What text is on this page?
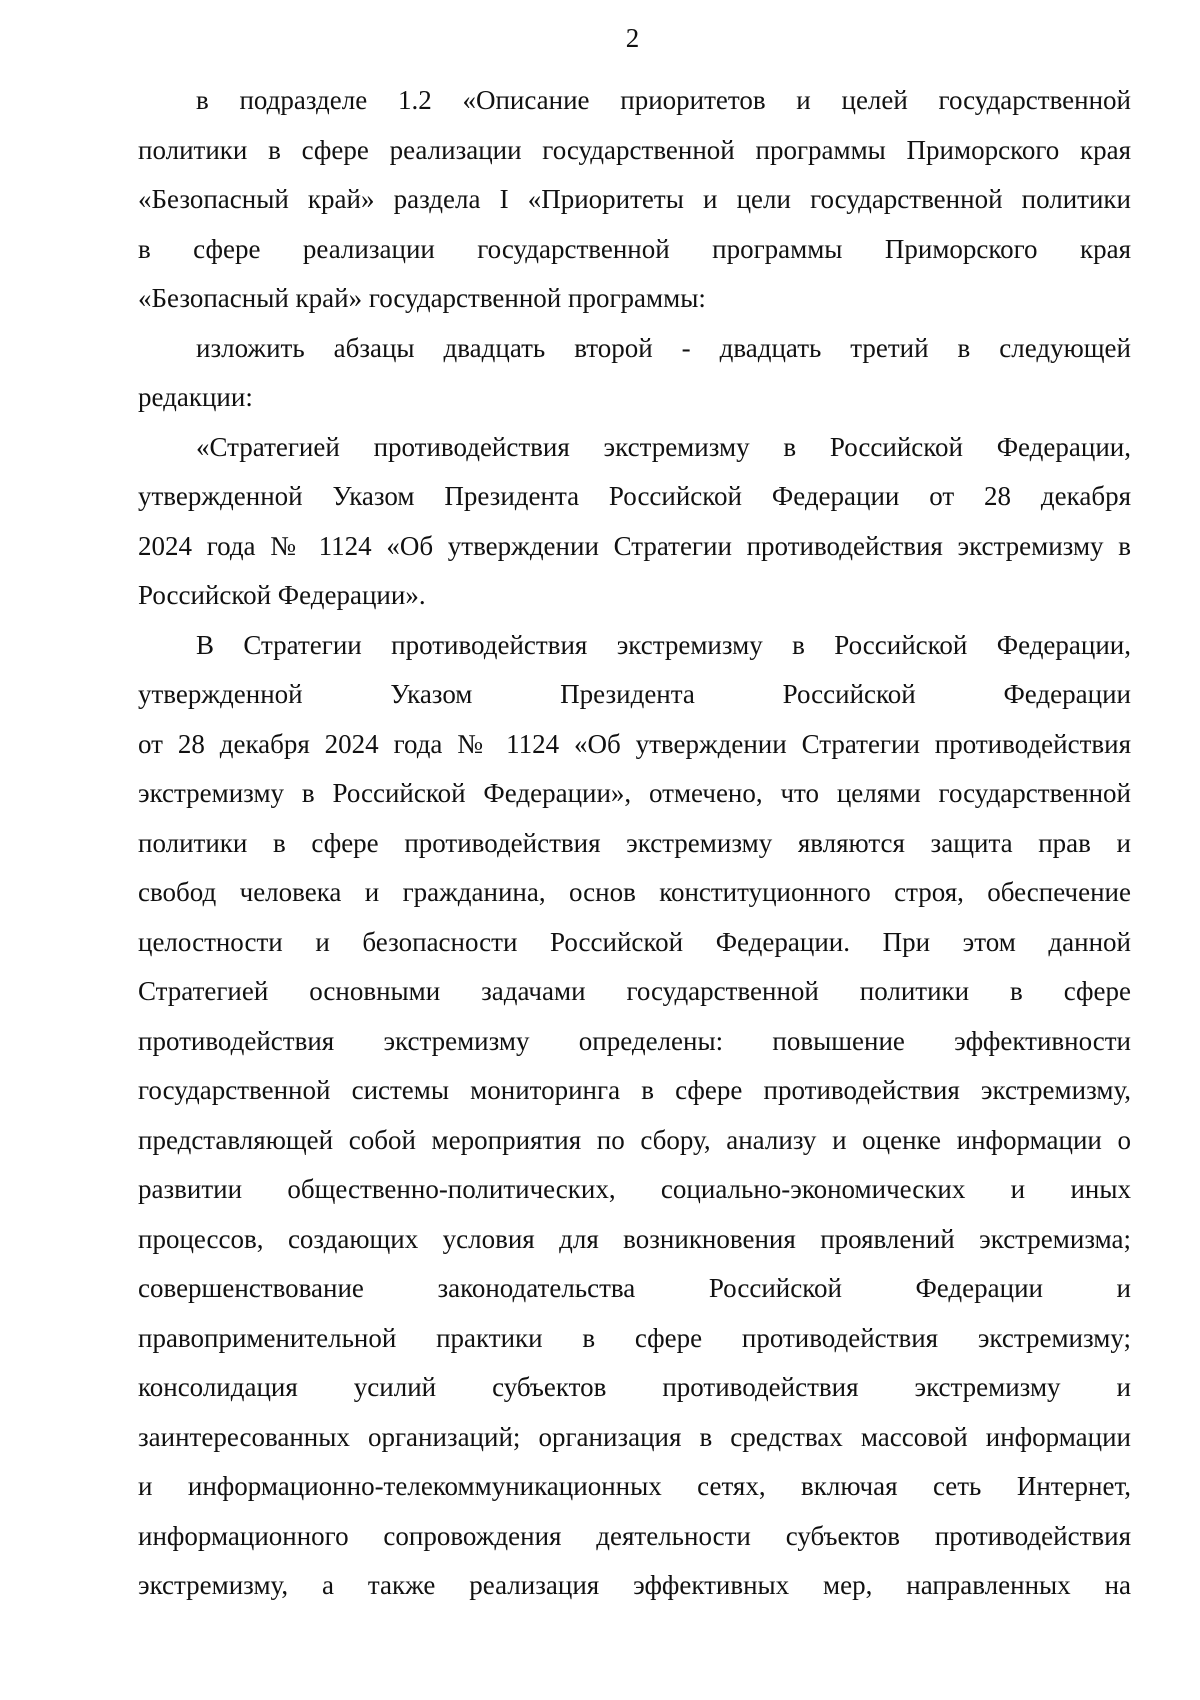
2
в подразделе 1.2 «Описание приоритетов и целей государственной
политики в сфере реализации государственной программы Приморского края
«Безопасный край» раздела I «Приоритеты и цели государственной политики
в сфере реализации государственной программы Приморского края
«Безопасный край» государственной программы:
изложить абзацы двадцать второй - двадцать третий в следующей
редакции:
«Стратегией противодействия экстремизму в Российской Федерации,
утвержденной Указом Президента Российской Федерации от 28 декабря
2024 года № 1124 «Об утверждении Стратегии противодействия экстремизму в
Российской Федерации».
В Стратегии противодействия экстремизму в Российской Федерации,
утвержденной Указом Президента Российской Федерации
от 28 декабря 2024 года № 1124 «Об утверждении Стратегии противодействия
экстремизму в Российской Федерации», отмечено, что целями государственной
политики в сфере противодействия экстремизму являются защита прав и
свобод человека и гражданина, основ конституционного строя, обеспечение
целостности и безопасности Российской Федерации. При этом данной
Стратегией основными задачами государственной политики в сфере
противодействия экстремизму определены: повышение эффективности
государственной системы мониторинга в сфере противодействия экстремизму,
представляющей собой мероприятия по сбору, анализу и оценке информации о
развитии общественно-политических, социально-экономических и иных
процессов, создающих условия для возникновения проявлений экстремизма;
совершенствование законодательства Российской Федерации и
правоприменительной практики в сфере противодействия экстремизму;
консолидация усилий субъектов противодействия экстремизму и
заинтересованных организаций; организация в средствах массовой информации
и информационно-телекоммуникационных сетях, включая сеть Интернет,
информационного сопровождения деятельности субъектов противодействия
экстремизму, а также реализация эффективных мер, направленных на
